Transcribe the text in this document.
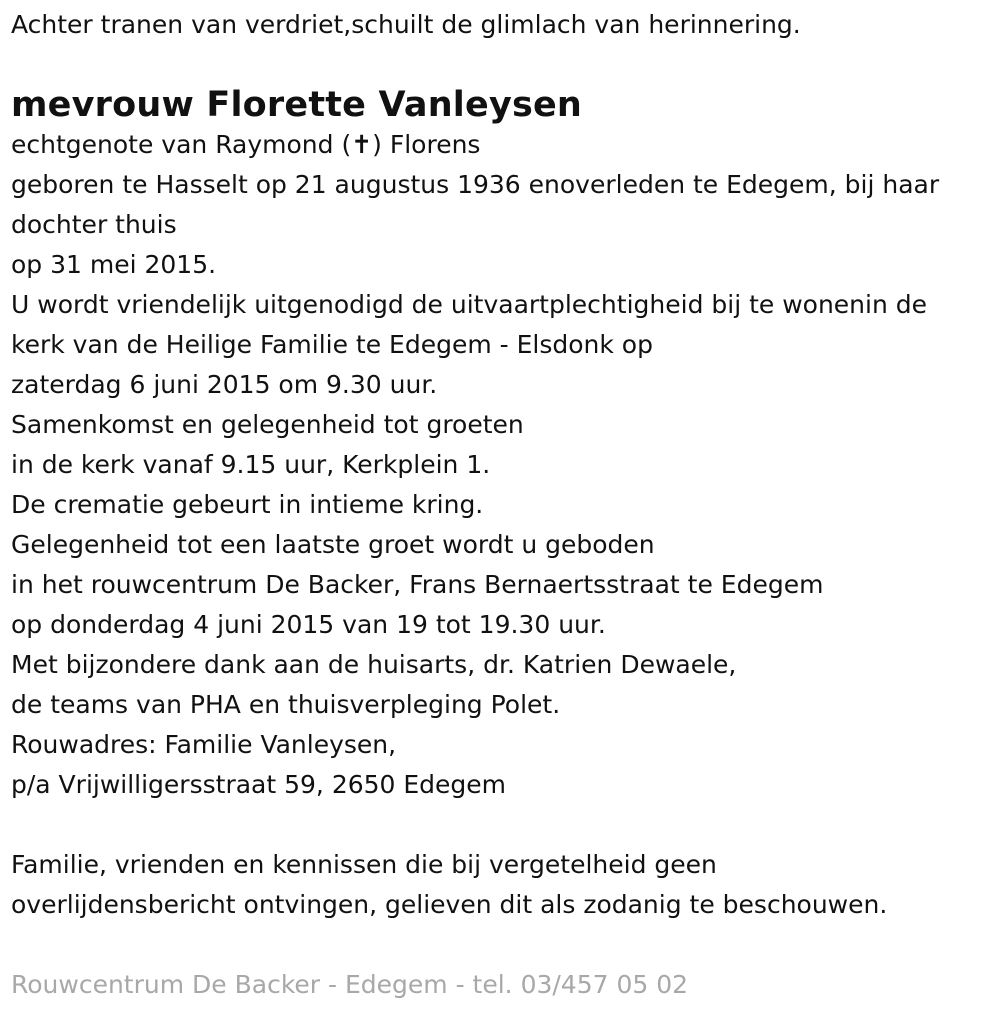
Achter tranen van verdriet,schuilt de glimlach van herinnering.

mevrouw Florette Vanleysen

echtgenote van Raymond (✝) Florens

geboren te Hasselt op 21 augustus 1936 enoverleden te Edegem, bij haar

dochter thuis

op 31 mei 2015.

U wordt vriendelijk uitgenodigd de uitvaartplechtigheid bij te wonenin de

kerk van de Heilige Familie te Edegem - Elsdonk op

zaterdag 6 juni 2015 om 9.30 uur.

Samenkomst en gelegenheid tot groeten

in de kerk vanaf 9.15 uur, Kerkplein 1.

De crematie gebeurt in intieme kring.

Gelegenheid tot een laatste groet wordt u geboden

in het rouwcentrum De Backer, Frans Bernaertsstraat te Edegem

op donderdag 4 juni 2015 van 19 tot 19.30 uur.

Met bijzondere dank aan de huisarts, dr. Katrien Dewaele,

de teams van PHA en thuisverpleging Polet.

Rouwadres: Familie Vanleysen,

p/a Vrijwilligersstraat 59, 2650 Edegem

Familie, vrienden en kennissen die bij vergetelheid geen

overlijdensbericht ontvingen, gelieven dit als zodanig te beschouwen.

Rouwcentrum De Backer - Edegem - tel. 03/457 05 02
